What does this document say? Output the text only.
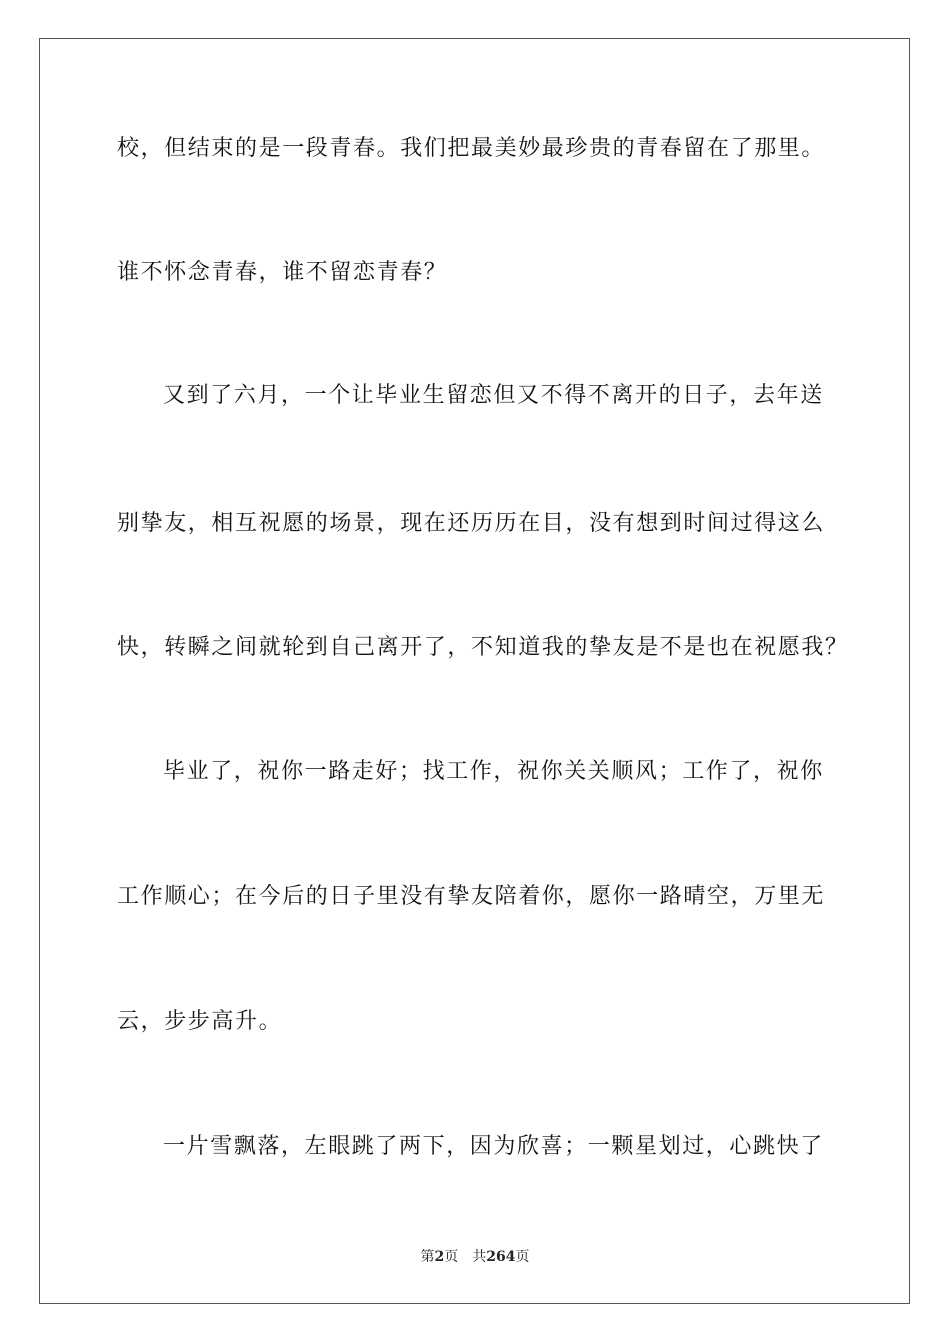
校，但结束的是一段青春。我们把最美妙最珍贵的青春留在了那里。
谁不怀念青春，谁不留恋青春？
又到了六月，一个让毕业生留恋但又不得不离开的日子，去年送
别挚友，相互祝愿的场景，现在还历历在目，没有想到时间过得这么
快，转瞬之间就轮到自己离开了，不知道我的挚友是不是也在祝愿我？
毕业了，祝你一路走好；找工作，祝你关关顺风；工作了，祝你
工作顺心；在今后的日子里没有挚友陪着你，愿你一路晴空，万里无
云，步步高升。
一片雪飘落，左眼跳了两下，因为欣喜；一颗星划过，心跳快了
第2页 共264页
